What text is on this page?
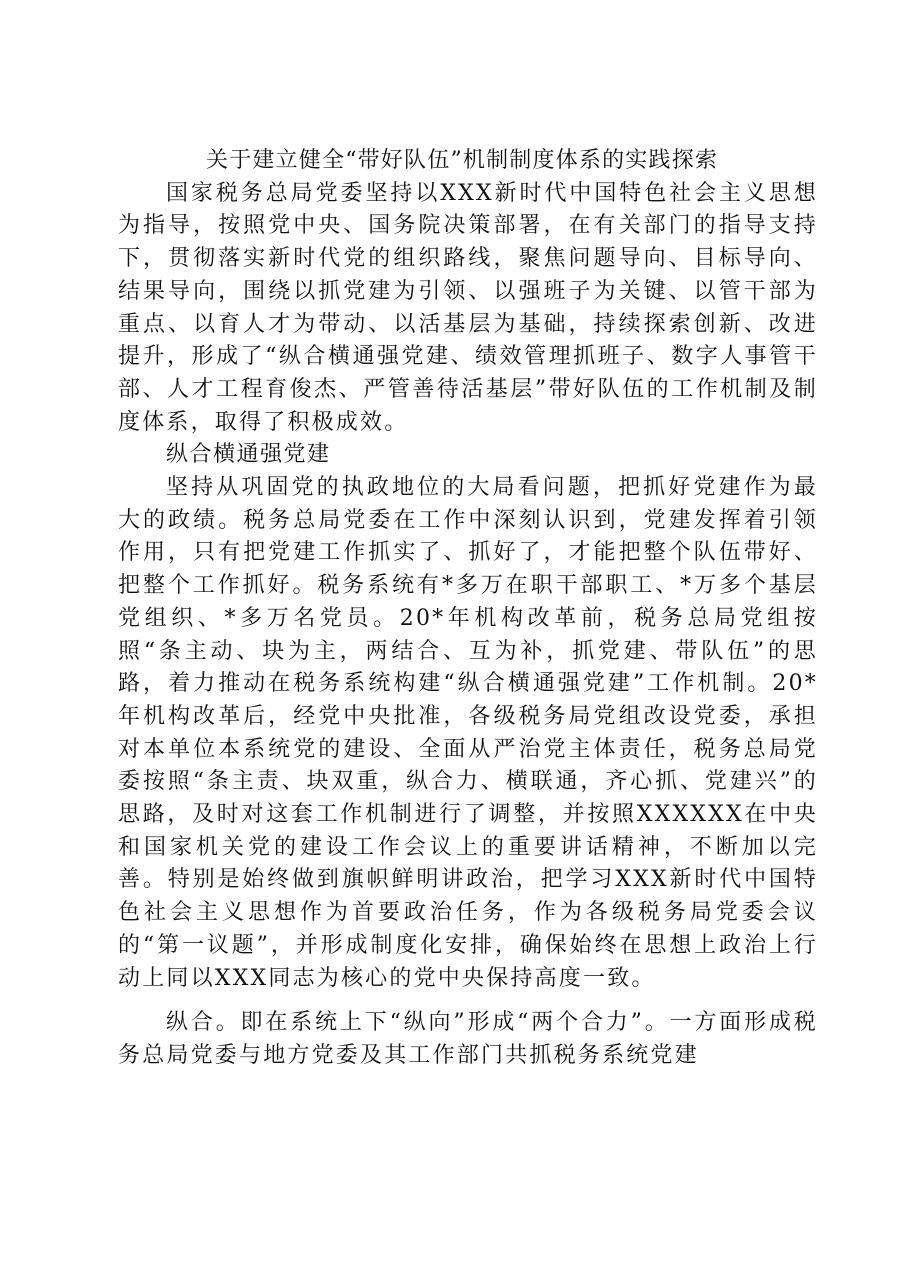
关于建立健全“带好队伍”机制制度体系的实践探索

国家税务总局党委坚持以XXX新时代中国特色社会主义思想为指导，按照党中央、国务院决策部署，在有关部门的指导支持下，贯彻落实新时代党的组织路线，聚焦问题导向、目标导向、结果导向，围绕以抓党建为引领、以强班子为关键、以管干部为重点、以育人才为带动、以活基层为基础，持续探索创新、改进提升，形成了“纵合横通强党建、绩效管理抓班子、数字人事管干部、人才工程育俊杰、严管善待活基层”带好队伍的工作机制及制度体系，取得了积极成效。

纵合横通强党建

坚持从巩固党的执政地位的大局看问题，把抓好党建作为最大的政绩。税务总局党委在工作中深刻认识到，党建发挥着引领作用，只有把党建工作抓实了、抓好了，才能把整个队伍带好、把整个工作抓好。税务系统有*多万在职干部职工、*万多个基层党组织、*多万名党员。20*年机构改革前，税务总局党组按照“条主动、块为主，两结合、互为补，抓党建、带队伍”的思路，着力推动在税务系统构建“纵合横通强党建”工作机制。20*年机构改革后，经党中央批准，各级税务局党组改设党委，承担对本单位本系统党的建设、全面从严治党主体责任，税务总局党委按照“条主责、块双重，纵合力、横联通，齐心抓、党建兴”的思路，及时对这套工作机制进行了调整，并按照XXXXXX在中央和国家机关党的建设工作会议上的重要讲话精神，不断加以完善。特别是始终做到旗帜鲜明讲政治，把学习XXX新时代中国特色社会主义思想作为首要政治任务，作为各级税务局党委会议的“第一议题”，并形成制度化安排，确保始终在思想上政治上行动上同以XXX同志为核心的党中央保持高度一致。

纵合。即在系统上下“纵向”形成“两个合力”。一方面形成税务总局党委与地方党委及其工作部门共抓税务系统党建
